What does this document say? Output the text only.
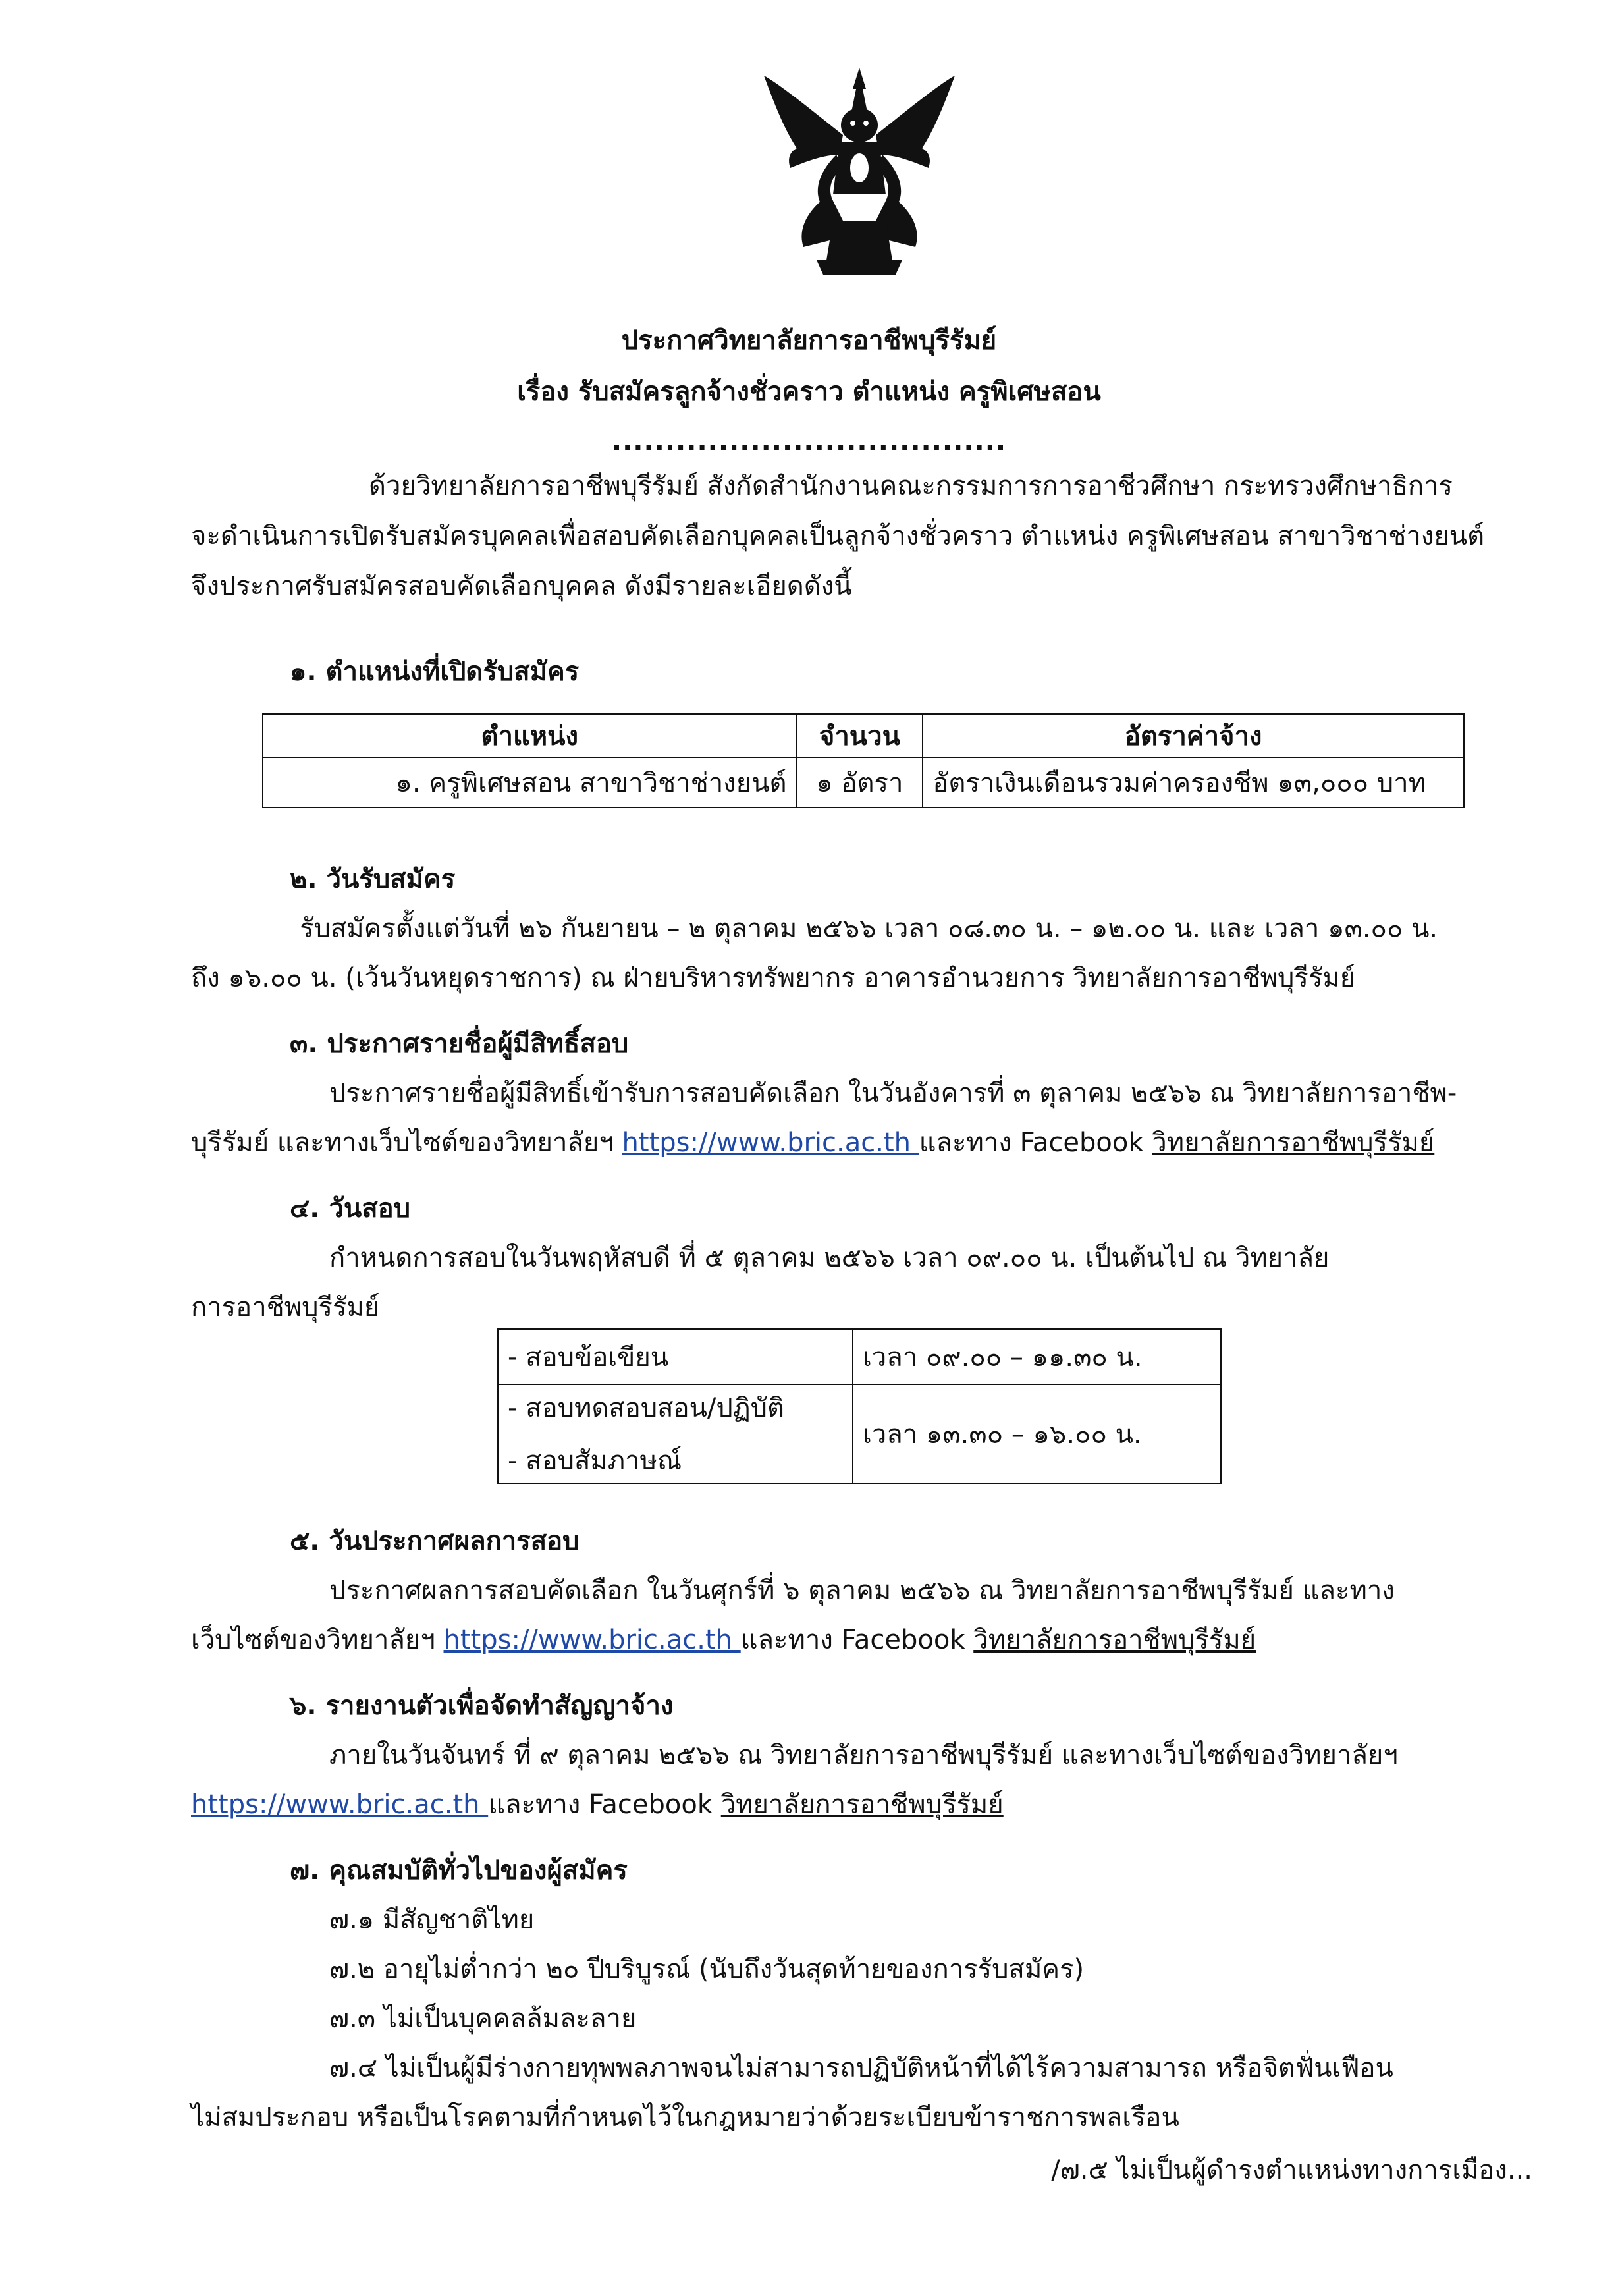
ประกาศวิทยาลัยการอาชีพบุรีรัมย์
เรื่อง รับสมัครลูกจ้างชั่วคราว ตำแหน่ง ครูพิเศษสอน
.....................................
ด้วยวิทยาลัยการอาชีพบุรีรัมย์ สังกัดสำนักงานคณะกรรมการการอาชีวศึกษา กระทรวงศึกษาธิการ
จะดำเนินการเปิดรับสมัครบุคคลเพื่อสอบคัดเลือกบุคคลเป็นลูกจ้างชั่วคราว ตำแหน่ง ครูพิเศษสอน สาขาวิชาช่างยนต์
จึงประกาศรับสมัครสอบคัดเลือกบุคคล ดังมีรายละเอียดดังนี้
๑. ตำแหน่งที่เปิดรับสมัคร
ตำแหน่ง	จำนวน	อัตราค่าจ้าง
๑. ครูพิเศษสอน สาขาวิชาช่างยนต์	๑ อัตรา	อัตราเงินเดือนรวมค่าครองชีพ ๑๓,๐๐๐ บาท
๒. วันรับสมัคร
รับสมัครตั้งแต่วันที่ ๒๖ กันยายน – ๒ ตุลาคม ๒๕๖๖ เวลา ๐๘.๓๐ น. – ๑๒.๐๐ น. และ เวลา ๑๓.๐๐ น.
ถึง ๑๖.๐๐ น. (เว้นวันหยุดราชการ) ณ ฝ่ายบริหารทรัพยากร อาคารอำนวยการ วิทยาลัยการอาชีพบุรีรัมย์
๓. ประกาศรายชื่อผู้มีสิทธิ์สอบ
ประกาศรายชื่อผู้มีสิทธิ์เข้ารับการสอบคัดเลือก ในวันอังคารที่ ๓ ตุลาคม ๒๕๖๖ ณ วิทยาลัยการอาชีพ-
บุรีรัมย์ และทางเว็บไซต์ของวิทยาลัยฯ https://www.bric.ac.th และทาง Facebook วิทยาลัยการอาชีพบุรีรัมย์
๔. วันสอบ
กำหนดการสอบในวันพฤหัสบดี ที่ ๕ ตุลาคม ๒๕๖๖ เวลา ๐๙.๐๐ น. เป็นต้นไป ณ วิทยาลัย
การอาชีพบุรีรัมย์
- สอบข้อเขียน	เวลา ๐๙.๐๐ – ๑๑.๓๐ น.

- สอบทดสอบสอน/ปฏิบัติ
- สอบสัมภาษณ์	เวลา ๑๓.๓๐ – ๑๖.๐๐ น.
๕. วันประกาศผลการสอบ
ประกาศผลการสอบคัดเลือก ในวันศุกร์ที่ ๖ ตุลาคม ๒๕๖๖ ณ วิทยาลัยการอาชีพบุรีรัมย์ และทาง
เว็บไซต์ของวิทยาลัยฯ https://www.bric.ac.th และทาง Facebook วิทยาลัยการอาชีพบุรีรัมย์
๖. รายงานตัวเพื่อจัดทำสัญญาจ้าง
ภายในวันจันทร์ ที่ ๙ ตุลาคม ๒๕๖๖ ณ วิทยาลัยการอาชีพบุรีรัมย์ และทางเว็บไซต์ของวิทยาลัยฯ
https://www.bric.ac.th และทาง Facebook วิทยาลัยการอาชีพบุรีรัมย์
๗. คุณสมบัติทั่วไปของผู้สมัคร
๗.๑ มีสัญชาติไทย
๗.๒ อายุไม่ต่ำกว่า ๒๐ ปีบริบูรณ์ (นับถึงวันสุดท้ายของการรับสมัคร)
๗.๓ ไม่เป็นบุคคลล้มละลาย
๗.๔ ไม่เป็นผู้มีร่างกายทุพพลภาพจนไม่สามารถปฏิบัติหน้าที่ได้ไร้ความสามารถ หรือจิตฟั่นเฟือน
ไม่สมประกอบ หรือเป็นโรคตามที่กำหนดไว้ในกฎหมายว่าด้วยระเบียบข้าราชการพลเรือน
/๗.๕ ไม่เป็นผู้ดำรงตำแหน่งทางการเมือง...
